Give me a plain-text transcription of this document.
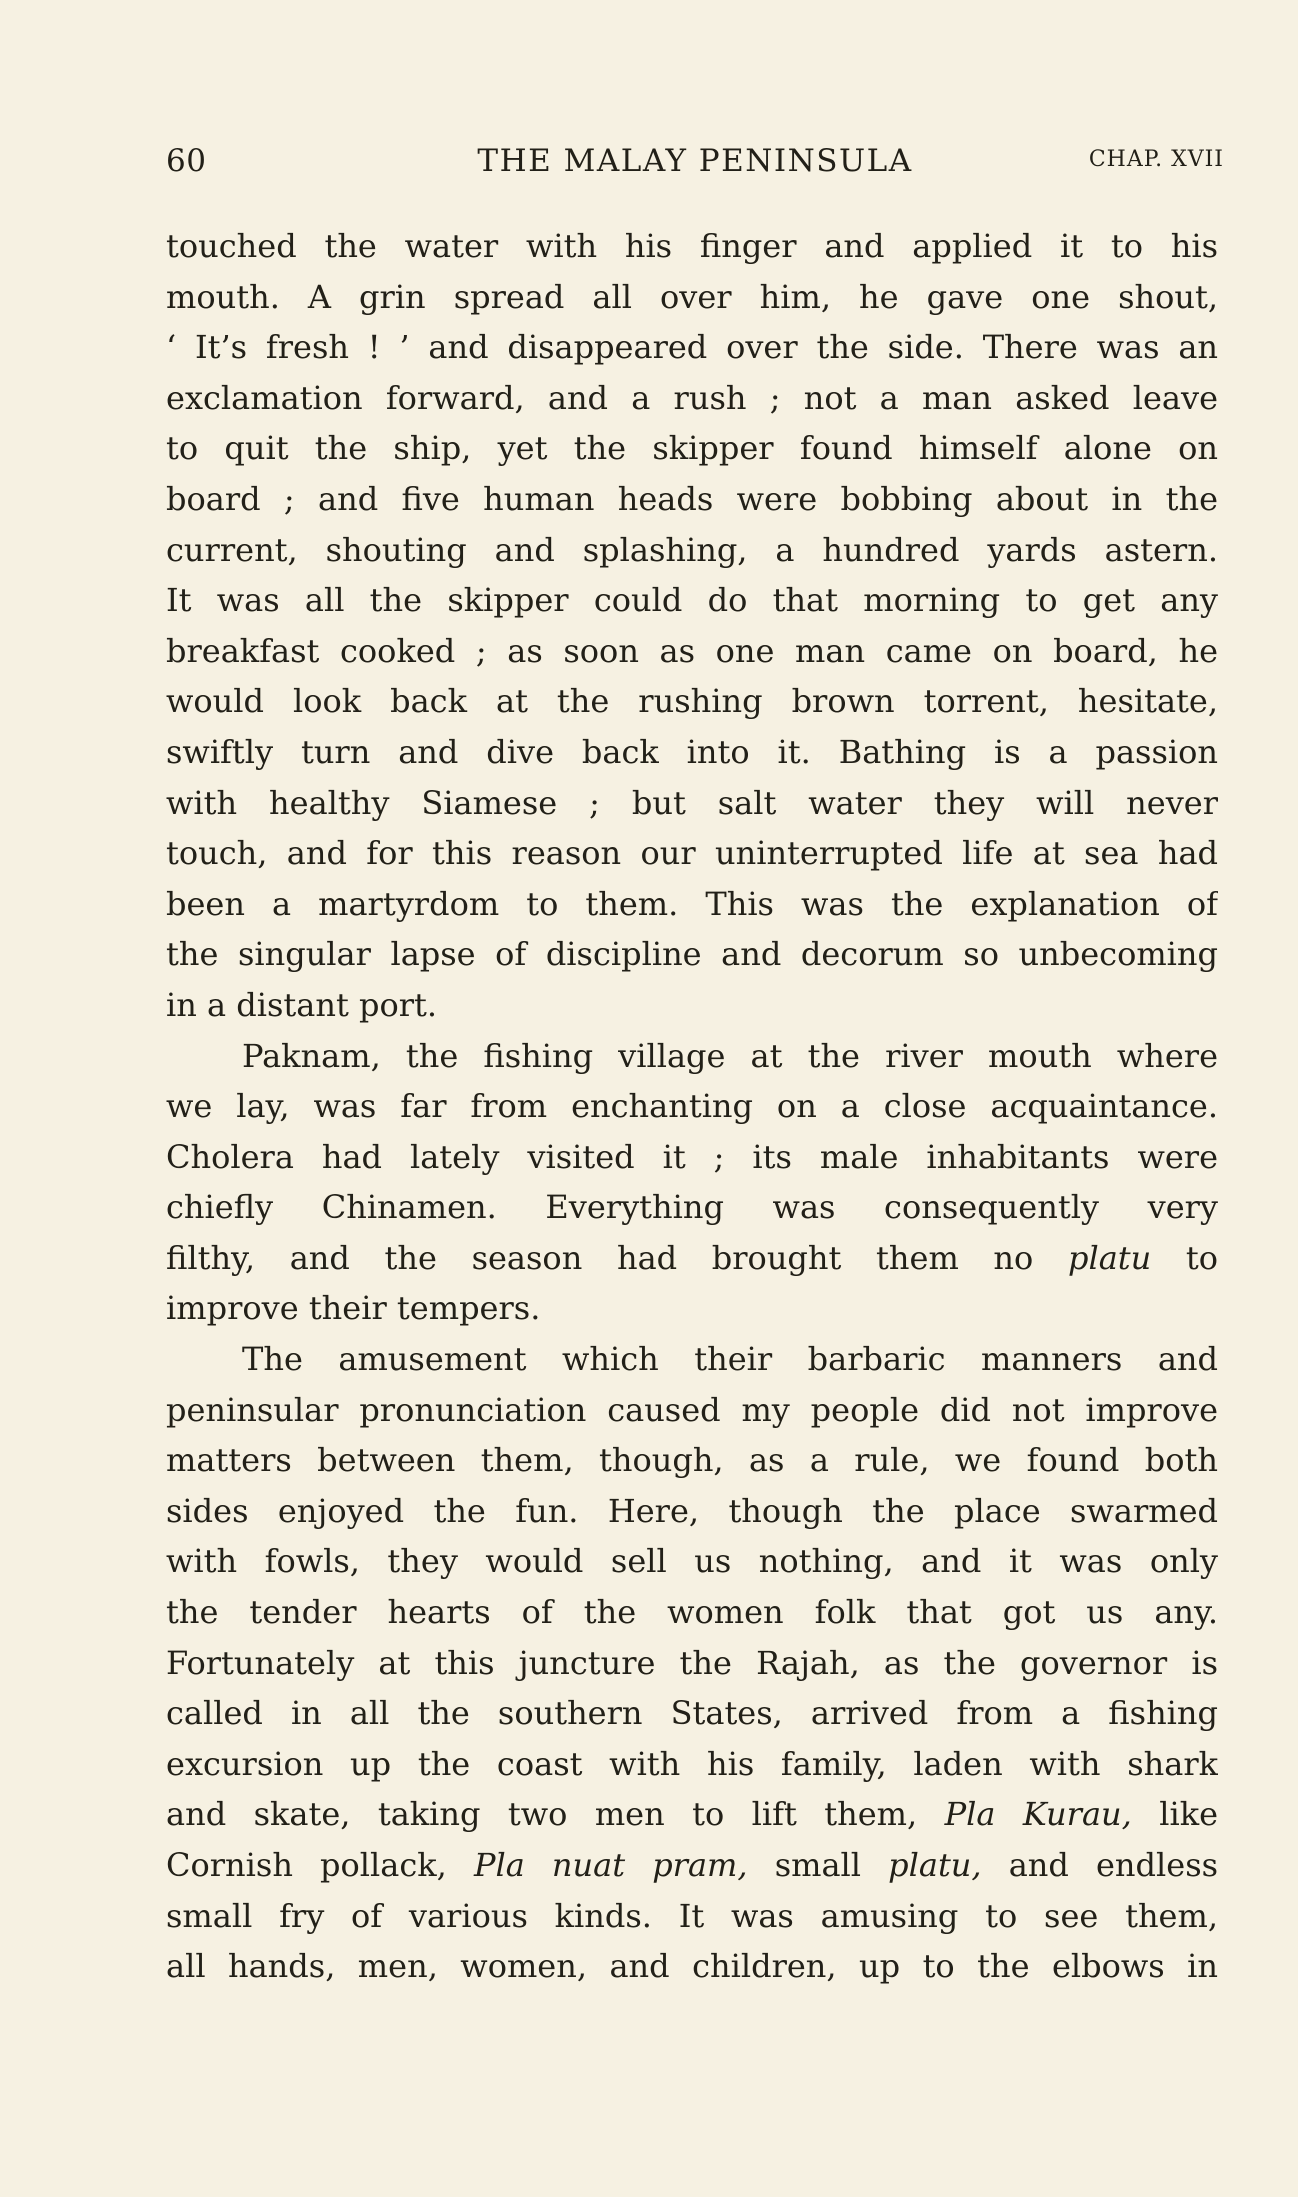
60	THE MALAY PENINSULA	CHAP. XVII
touched the water with his finger and applied it to his
mouth. A grin spread all over him, he gave one shout,
‘ It’s fresh ! ’ and disappeared over the side. There was an
exclamation forward, and a rush ; not a man asked leave
to quit the ship, yet the skipper found himself alone on
board ; and five human heads were bobbing about in the
current, shouting and splashing, a hundred yards astern.
It was all the skipper could do that morning to get any
breakfast cooked ; as soon as one man came on board, he
would look back at the rushing brown torrent, hesitate,
swiftly turn and dive back into it. Bathing is a passion
with healthy Siamese ; but salt water they will never
touch, and for this reason our uninterrupted life at sea had
been a martyrdom to them. This was the explanation of
the singular lapse of discipline and decorum so unbecoming
in a distant port.
Paknam, the fishing village at the river mouth where
we lay, was far from enchanting on a close acquaintance.
Cholera had lately visited it ; its male inhabitants were
chiefly Chinamen. Everything was consequently very
filthy, and the season had brought them no platu to
improve their tempers.
The amusement which their barbaric manners and
peninsular pronunciation caused my people did not improve
matters between them, though, as a rule, we found both
sides enjoyed the fun. Here, though the place swarmed
with fowls, they would sell us nothing, and it was only
the tender hearts of the women folk that got us any.
Fortunately at this juncture the Rajah, as the governor is
called in all the southern States, arrived from a fishing
excursion up the coast with his family, laden with shark
and skate, taking two men to lift them, Pla Kurau, like
Cornish pollack, Pla nuat pram, small platu, and endless
small fry of various kinds. It was amusing to see them,
all hands, men, women, and children, up to the elbows in
